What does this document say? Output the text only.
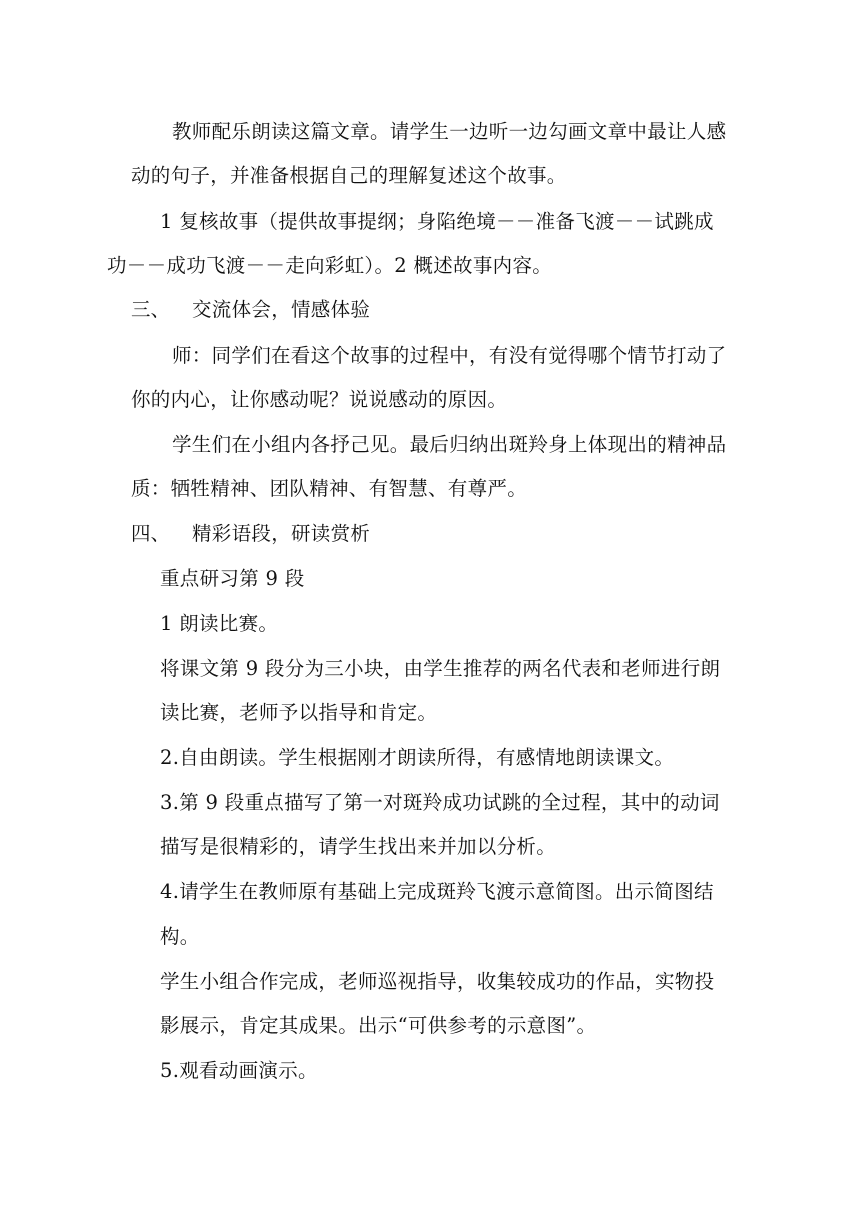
教师配乐朗读这篇文章。请学生一边听一边勾画文章中最让人感
动的句子，并准备根据自己的理解复述这个故事。
1 复核故事（提供故事提纲；身陷绝境－－准备飞渡－－试跳成
功－－成功飞渡－－走向彩虹）。2 概述故事内容。
三、 交流体会，情感体验
师：同学们在看这个故事的过程中，有没有觉得哪个情节打动了
你的内心，让你感动呢？说说感动的原因。
学生们在小组内各抒己见。最后归纳出斑羚身上体现出的精神品
质：牺牲精神、团队精神、有智慧、有尊严。
四、 精彩语段，研读赏析
重点研习第 9 段
1 朗读比赛。
将课文第 9 段分为三小块，由学生推荐的两名代表和老师进行朗
读比赛，老师予以指导和肯定。
2.自由朗读。学生根据刚才朗读所得，有感情地朗读课文。
3.第 9 段重点描写了第一对斑羚成功试跳的全过程，其中的动词
描写是很精彩的，请学生找出来并加以分析。
4.请学生在教师原有基础上完成斑羚飞渡示意简图。出示简图结
构。
学生小组合作完成，老师巡视指导，收集较成功的作品，实物投
影展示，肯定其成果。出示“可供参考的示意图”。
5.观看动画演示。
